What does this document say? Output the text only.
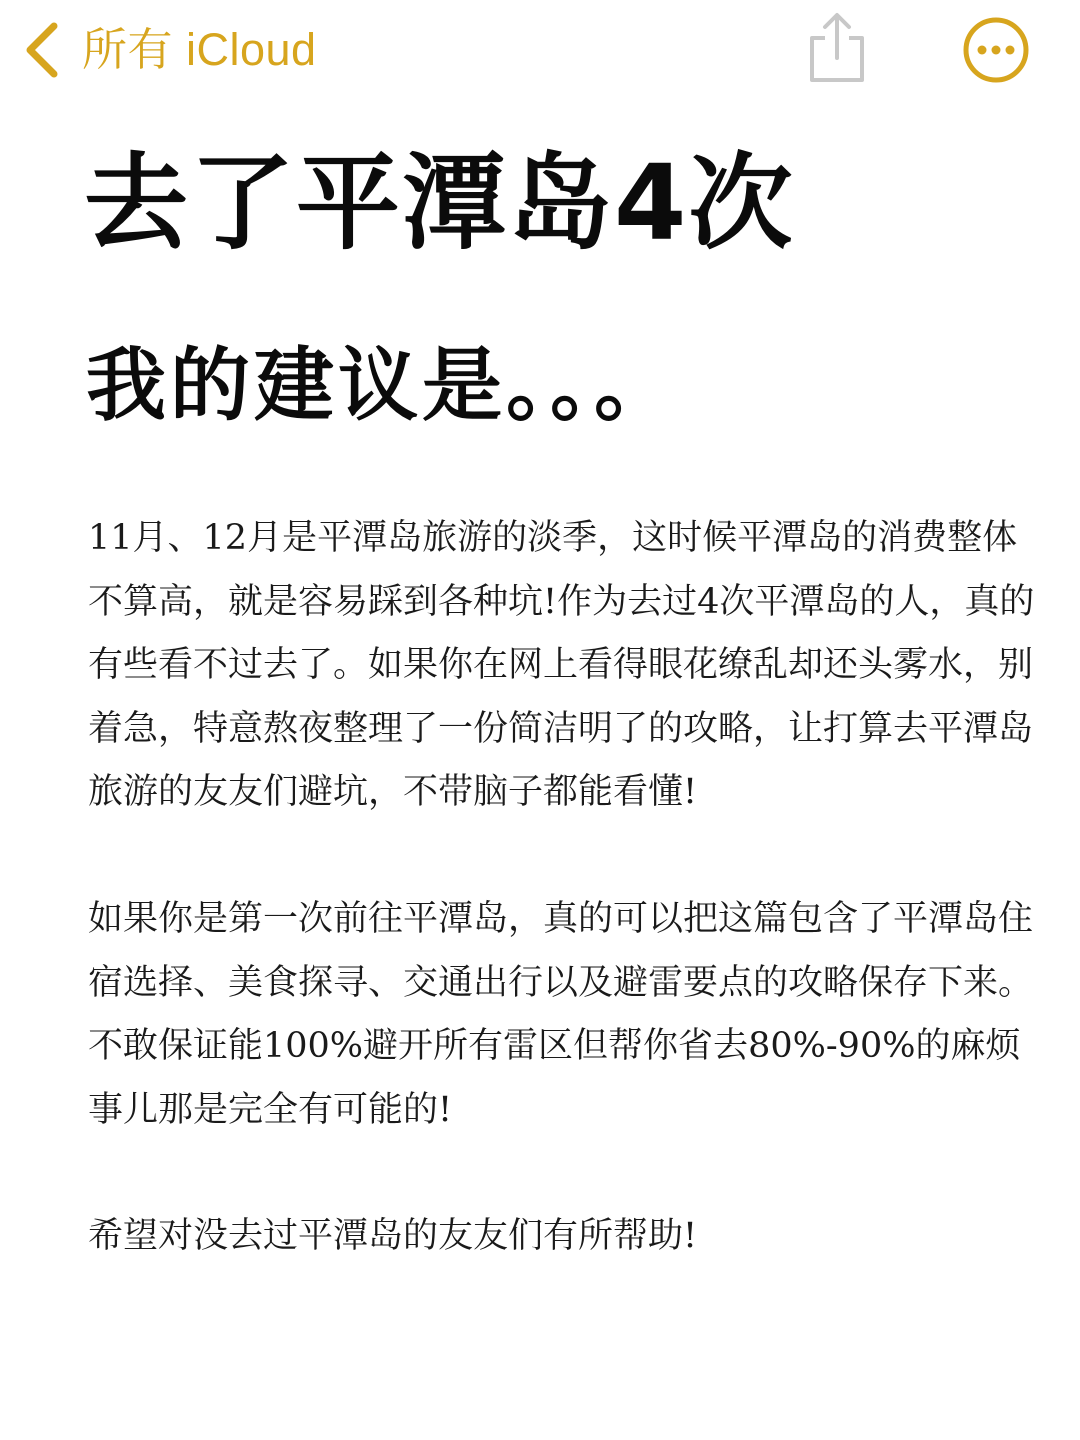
所有 iCloud
去了平潭岛4次
我的建议是。。。

11月、12月是平潭岛旅游的淡季，这时候平潭岛的消费整体不算高，就是容易踩到各种坑!作为去过4次平潭岛的人，真的有些看不过去了。如果你在网上看得眼花缭乱却还头雾水，别着急，特意熬夜整理了一份简洁明了的攻略，让打算去平潭岛旅游的友友们避坑，不带脑子都能看懂!

如果你是第一次前往平潭岛，真的可以把这篇包含了平潭岛住宿选择、美食探寻、交通出行以及避雷要点的攻略保存下来。不敢保证能100%避开所有雷区但帮你省去80%-90%的麻烦事儿那是完全有可能的!

希望对没去过平潭岛的友友们有所帮助!
